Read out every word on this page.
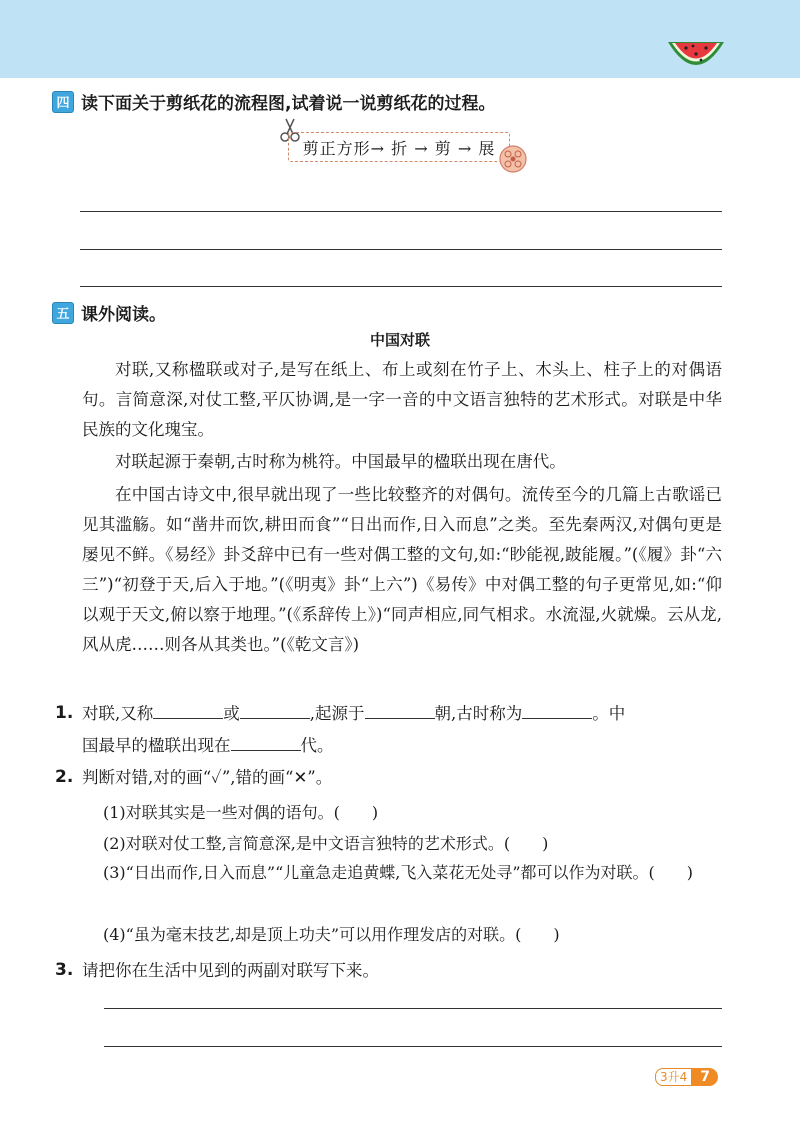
四 读下面关于剪纸花的流程图,试着说一说剪纸花的过程。
剪正方形→ 折 → 剪 → 展
五 课外阅读。
中国对联

对联,又称楹联或对子,是写在纸上、布上或刻在竹子上、木头上、柱子上的对偶语句。言简意深,对仗工整,平仄协调,是一字一音的中文语言独特的艺术形式。对联是中华民族的文化瑰宝。

对联起源于秦朝,古时称为桃符。中国最早的楹联出现在唐代。

在中国古诗文中,很早就出现了一些比较整齐的对偶句。流传至今的几篇上古歌谣已见其滥觞。如“凿井而饮,耕田而食”“日出而作,日入而息”之类。至先秦两汉,对偶句更是屡见不鲜。《易经》卦爻辞中已有一些对偶工整的文句,如:“眇能视,跛能履。”(《履》卦“六三”)“初登于天,后入于地。”(《明夷》卦“上六”)《易传》中对偶工整的句子更常见,如:“仰以观于天文,俯以察于地理。”(《系辞传上》)“同声相应,同气相求。水流湿,火就燥。云从龙,风从虎……则各从其类也。”(《乾文言》)

1. 对联,又称	或	,起源于	朝,古时称为	。中
国最早的楹联出现在	代。
2. 判断对错,对的画“✓”,错的画“✕”。
(1)对联其实是一些对偶的语句。(　　)
(2)对联对仗工整,言简意深,是中文语言独特的艺术形式。(　　)
(3)“日出而作,日入而息”“儿童急走追黄蝶,飞入菜花无处寻”都可以作为对联。(　　)
(4)“虽为毫末技艺,却是顶上功夫”可以用作理发店的对联。(　　)
3. 请把你在生活中见到的两副对联写下来。
3升4 7
